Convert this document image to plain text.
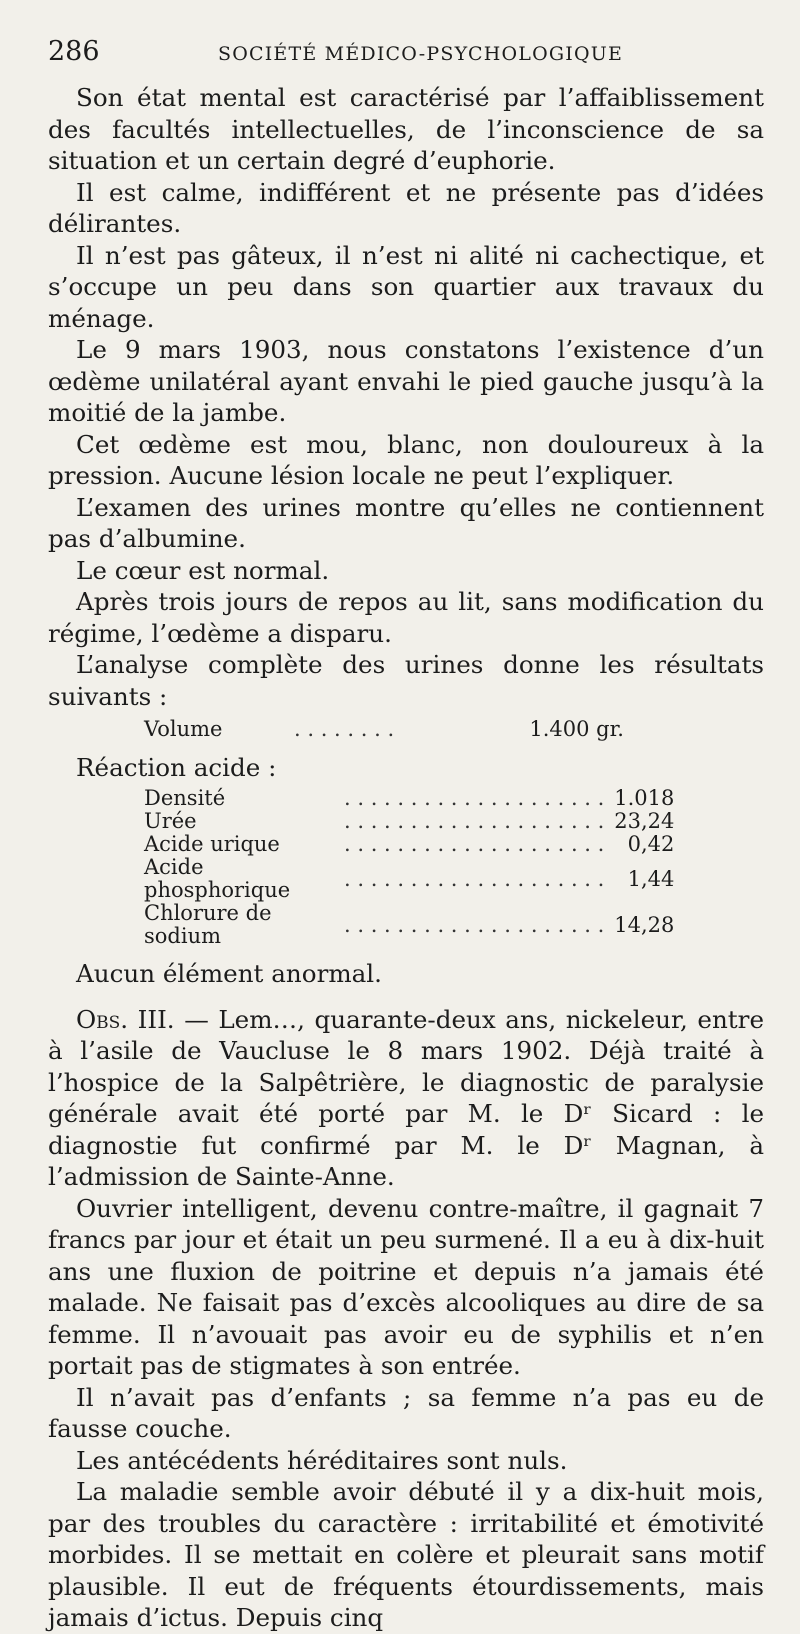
286	SOCIÉTÉ MÉDICO-PSYCHOLOGIQUE

Son état mental est caractérisé par l’affaiblissement des facultés intellectuelles, de l’inconscience de sa situation et un certain degré d’euphorie.

Il est calme, indifférent et ne présente pas d’idées délirantes.

Il n’est pas gâteux, il n’est ni alité ni cachectique, et s’occupe un peu dans son quartier aux travaux du ménage.

Le 9 mars 1903, nous constatons l’existence d’un œdème unilatéral ayant envahi le pied gauche jusqu’à la moitié de la jambe.

Cet œdème est mou, blanc, non douloureux à la pression. Aucune lésion locale ne peut l’expliquer.

L’examen des urines montre qu’elles ne contiennent pas d’albumine.

Le cœur est normal.

Après trois jours de repos au lit, sans modification du régime, l’œdème a disparu.

L’analyse complète des urines donne les résultats suivants :

Volume	. . . . . . . .	1.400 gr.

Réaction acide :

Densité	. . . . . . . . . . . . . . . . . . . .	1.018
Urée	. . . . . . . . . . . . . . . . . . . .	23,24
Acide urique	. . . . . . . . . . . . . . . . . . . .	0,42
Acide phosphorique	. . . . . . . . . . . . . . . . . . . .	1,44
Chlorure de sodium	. . . . . . . . . . . . . . . . . . . .	14,28

Aucun élément anormal.

Obs. III. — Lem…, quarante-deux ans, nickeleur, entre à l’asile de Vaucluse le 8 mars 1902. Déjà traité à l’hospice de la Salpêtrière, le diagnostic de paralysie générale avait été porté par M. le Dʳ Sicard : le diagnostie fut confirmé par M. le Dʳ Magnan, à l’admission de Sainte-Anne.

Ouvrier intelligent, devenu contre-maître, il gagnait 7 francs par jour et était un peu surmené. Il a eu à dix-huit ans une fluxion de poitrine et depuis n’a jamais été malade. Ne faisait pas d’excès alcooliques au dire de sa femme. Il n’avouait pas avoir eu de syphilis et n’en portait pas de stigmates à son entrée.

Il n’avait pas d’enfants ; sa femme n’a pas eu de fausse couche.

Les antécédents héréditaires sont nuls.

La maladie semble avoir débuté il y a dix-huit mois, par des troubles du caractère : irritabilité et émotivité morbides. Il se mettait en colère et pleurait sans motif plausible. Il eut de fréquents étourdissements, mais jamais d’ictus. Depuis cinq
